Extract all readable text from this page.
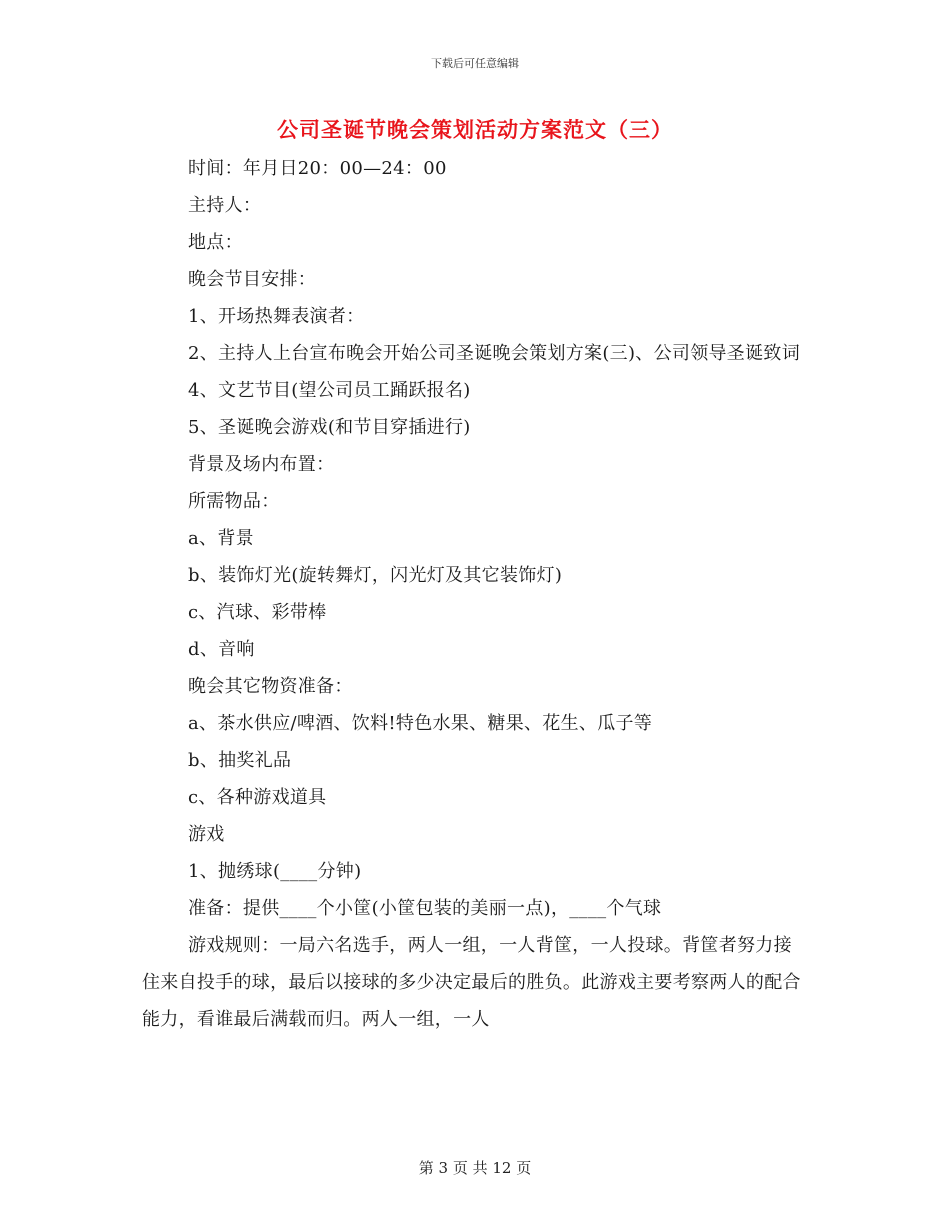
下载后可任意编辑
公司圣诞节晚会策划活动方案范文（三）

时间：年月日20：00—24：00

主持人：

地点：

晚会节目安排：

1、开场热舞表演者：

2、主持人上台宣布晚会开始公司圣诞晚会策划方案(三)、公司领导圣诞致词

4、文艺节目(望公司员工踊跃报名)

5、圣诞晚会游戏(和节目穿插进行)

背景及场内布置：

所需物品：

a、背景

b、装饰灯光(旋转舞灯，闪光灯及其它装饰灯)

c、汽球、彩带棒

d、音响

晚会其它物资准备：

a、茶水供应/啤酒、饮料!特色水果、糖果、花生、瓜子等

b、抽奖礼品

c、各种游戏道具

游戏

1、抛绣球(____分钟)

准备：提供____个小筐(小筐包装的美丽一点)，____个气球

游戏规则：一局六名选手，两人一组，一人背筐，一人投球。背筐者努力接住来自投手的球，最后以接球的多少决定最后的胜负。此游戏主要考察两人的配合能力，看谁最后满载而归。两人一组，一人

第 3 页 共 12 页
